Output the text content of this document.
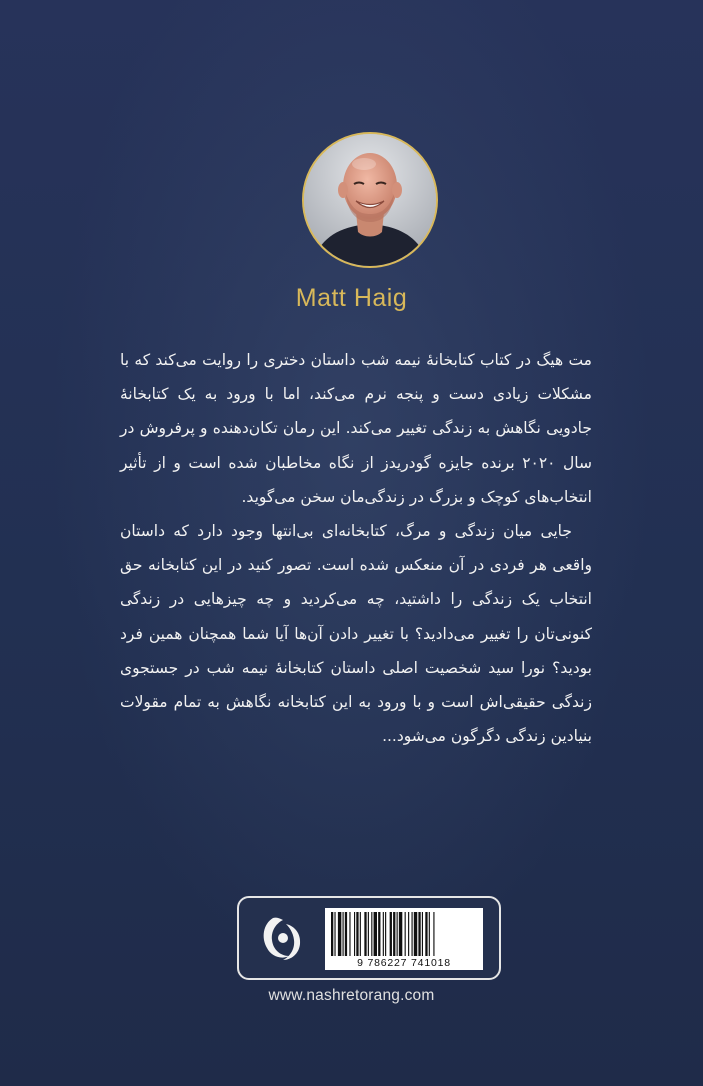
Matt Haig

مت هیگ در کتاب کتابخانهٔ نیمه شب داستان دختری را روایت می‌کند که با مشکلات زیادی دست و پنجه نرم می‌کند، اما با ورود به یک کتابخانهٔ جادویی نگاهش به زندگی تغییر می‌کند. این رمان تکان‌دهنده و پرفروش در سال ۲۰۲۰ برنده جایزه گودریدز از نگاه مخاطبان شده است و از تأثیر انتخاب‌های کوچک و بزرگ در زندگی‌مان سخن می‌گوید.

جایی میان زندگی و مرگ، کتابخانه‌ای بی‌انتها وجود دارد که داستان واقعی هر فردی در آن منعکس شده است. تصور کنید در این کتابخانه حق انتخاب یک زندگی را داشتید، چه می‌کردید و چه چیزهایی در زندگی کنونی‌تان را تغییر می‌دادید؟ با تغییر دادن آن‌ها آیا شما همچنان همین فرد بودید؟ نورا سید شخصیت اصلی داستان کتابخانهٔ نیمه شب در جستجوی زندگی حقیقی‌اش است و با ورود به این کتابخانه نگاهش به تمام مقولات بنیادین زندگی دگرگون می‌شود...

9 786227 741018
www.nashretorang.com
